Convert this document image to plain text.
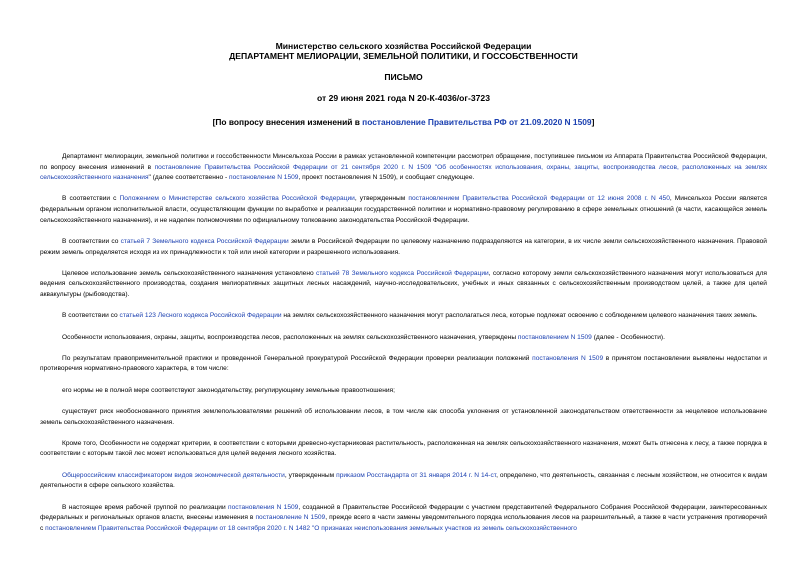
Министерство сельского хозяйства Российской Федерации
ДЕПАРТАМЕНТ МЕЛИОРАЦИИ, ЗЕМЕЛЬНОЙ ПОЛИТИКИ, И ГОССОБСТВЕННОСТИ
ПИСЬМО
от 29 июня 2021 года N 20-К-4036/ог-3723
[По вопросу внесения изменений в постановление Правительства РФ от 21.09.2020 N 1509]

Департамент мелиорации, земельной политики и госсобственности Минсельхоза России в рамках установленной компетенции рассмотрел обращение, поступившее письмом из Аппарата Правительства Российской Федерации, по вопросу внесения изменений в постановление Правительства Российской Федерации от 21 сентября 2020 г. N 1509 "Об особенностях использования, охраны, защиты, воспроизводства лесов, расположенных на землях сельскохозяйственного назначения" (далее соответственно - постановление N 1509, проект постановления N 1509), и сообщает следующее.

В соответствии с Положением о Министерстве сельского хозяйства Российской Федерации, утвержденным постановлением Правительства Российской Федерации от 12 июня 2008 г. N 450, Минсельхоз России является федеральным органом исполнительной власти, осуществляющим функции по выработке и реализации государственной политики и нормативно-правовому регулированию в сфере земельных отношений (в части, касающейся земель сельскохозяйственного назначения), и не наделен полномочиями по официальному толкованию законодательства Российской Федерации.

В соответствии со статьей 7 Земельного кодекса Российской Федерации земли в Российской Федерации по целевому назначению подразделяются на категории, в их числе земли сельскохозяйственного назначения. Правовой режим земель определяется исходя из их принадлежности к той или иной категории и разрешенного использования.

Целевое использование земель сельскохозяйственного назначения установлено статьей 78 Земельного кодекса Российской Федерации, согласно которому земли сельскохозяйственного назначения могут использоваться для ведения сельскохозяйственного производства, создания мелиоративных защитных лесных насаждений, научно-исследовательских, учебных и иных связанных с сельскохозяйственным производством целей, а также для целей аквакультуры (рыбоводства).

В соответствии со статьей 123 Лесного кодекса Российской Федерации на землях сельскохозяйственного назначения могут располагаться леса, которые подлежат освоению с соблюдением целевого назначения таких земель.

Особенности использования, охраны, защиты, воспроизводства лесов, расположенных на землях сельскохозяйственного назначения, утверждены постановлением N 1509 (далее - Особенности).

По результатам правоприменительной практики и проведенной Генеральной прокуратурой Российской Федерации проверки реализации положений постановления N 1509 в принятом постановлении выявлены недостатки и противоречия нормативно-правового характера, в том числе:

его нормы не в полной мере соответствуют законодательству, регулирующему земельные правоотношения;

существует риск необоснованного принятия землепользователями решений об использовании лесов, в том числе как способа уклонения от установленной законодательством ответственности за нецелевое использование земель сельскохозяйственного назначения.

Кроме того, Особенности не содержат критерии, в соответствии с которыми древесно-кустарниковая растительность, расположенная на землях сельскохозяйственного назначения, может быть отнесена к лесу, а также порядка в соответствии с которым такой лес может использоваться для целей ведения лесного хозяйства.

Общероссийским классификатором видов экономической деятельности, утвержденным приказом Росстандарта от 31 января 2014 г. N 14-ст, определено, что деятельность, связанная с лесным хозяйством, не относится к видам деятельности в сфере сельского хозяйства.

В настоящее время рабочей группой по реализации постановления N 1509, созданной в Правительстве Российской Федерации с участием представителей Федерального Собрания Российской Федерации, заинтересованных федеральных и региональных органов власти, внесены изменения в постановление N 1509, прежде всего в части замены уведомительного порядка использования лесов на разрешительный, а также в части устранения противоречий с постановлением Правительства Российской Федерации от 18 сентября 2020 г. N 1482 "О признаках неиспользования земельных участков из земель сельскохозяйственного
